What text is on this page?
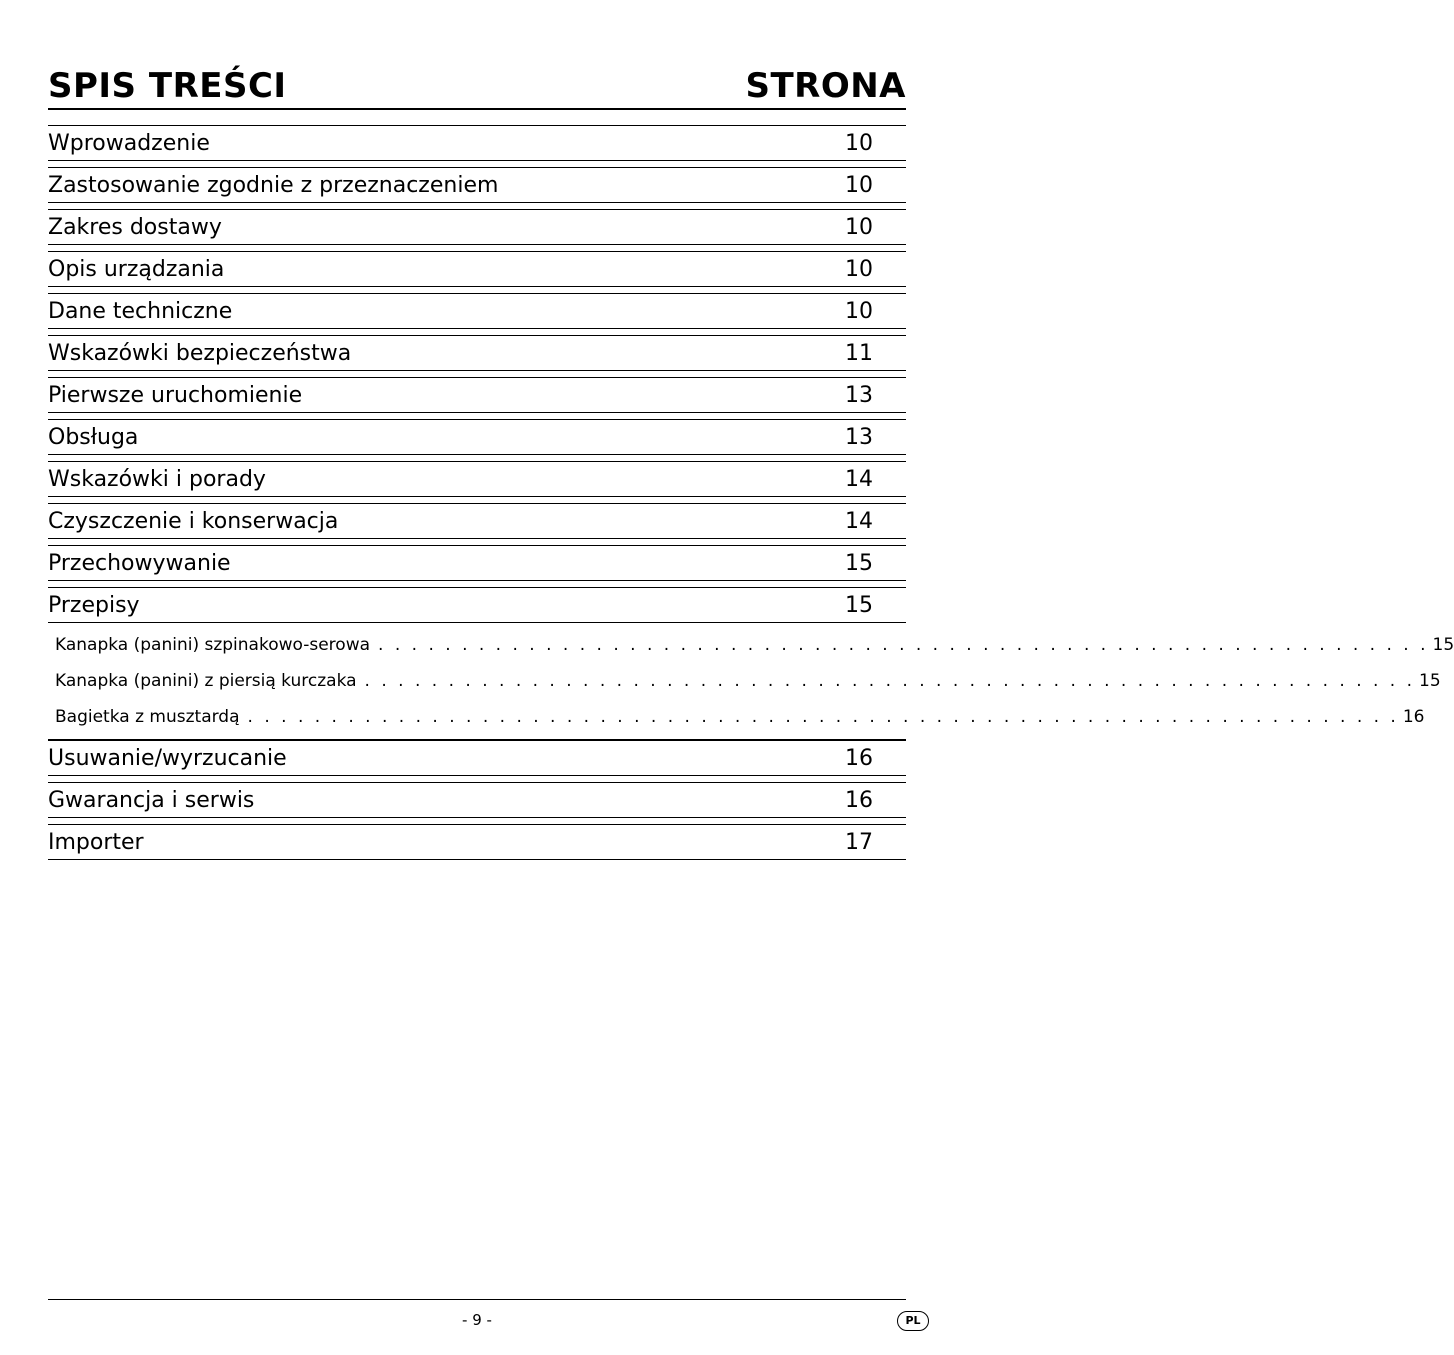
SPIS TREŚCI	STRONA
Wprowadzenie	10
Zastosowanie zgodnie z przeznaczeniem	10
Zakres dostawy	10
Opis urządzania	10
Dane techniczne	10
Wskazówki bezpieczeństwa	11
Pierwsze uruchomienie	13
Obsługa	13
Wskazówki i porady	14
Czyszczenie i konserwacja	14
Przechowywanie	15
Przepisy	15
Kanapka (panini) szpinakowo-serowa . . . . . . . . . . . . . . . . . . . . . . . . . . . . . . . . . . . . . . . . . . . . . . . . . . . . . . . . . . . . . . . 15
Kanapka (panini) z piersią kurczaka . . . . . . . . . . . . . . . . . . . . . . . . . . . . . . . . . . . . . . . . . . . . . . . . . . . . . . . . . . . . . . . 15
Bagietka z musztardą . . . . . . . . . . . . . . . . . . . . . . . . . . . . . . . . . . . . . . . . . . . . . . . . . . . . . . . . . . . . . . . . . . . . . 16
Usuwanie/wyrzucanie	16
Gwarancja i serwis	16
Importer	17
- 9 -	PL
